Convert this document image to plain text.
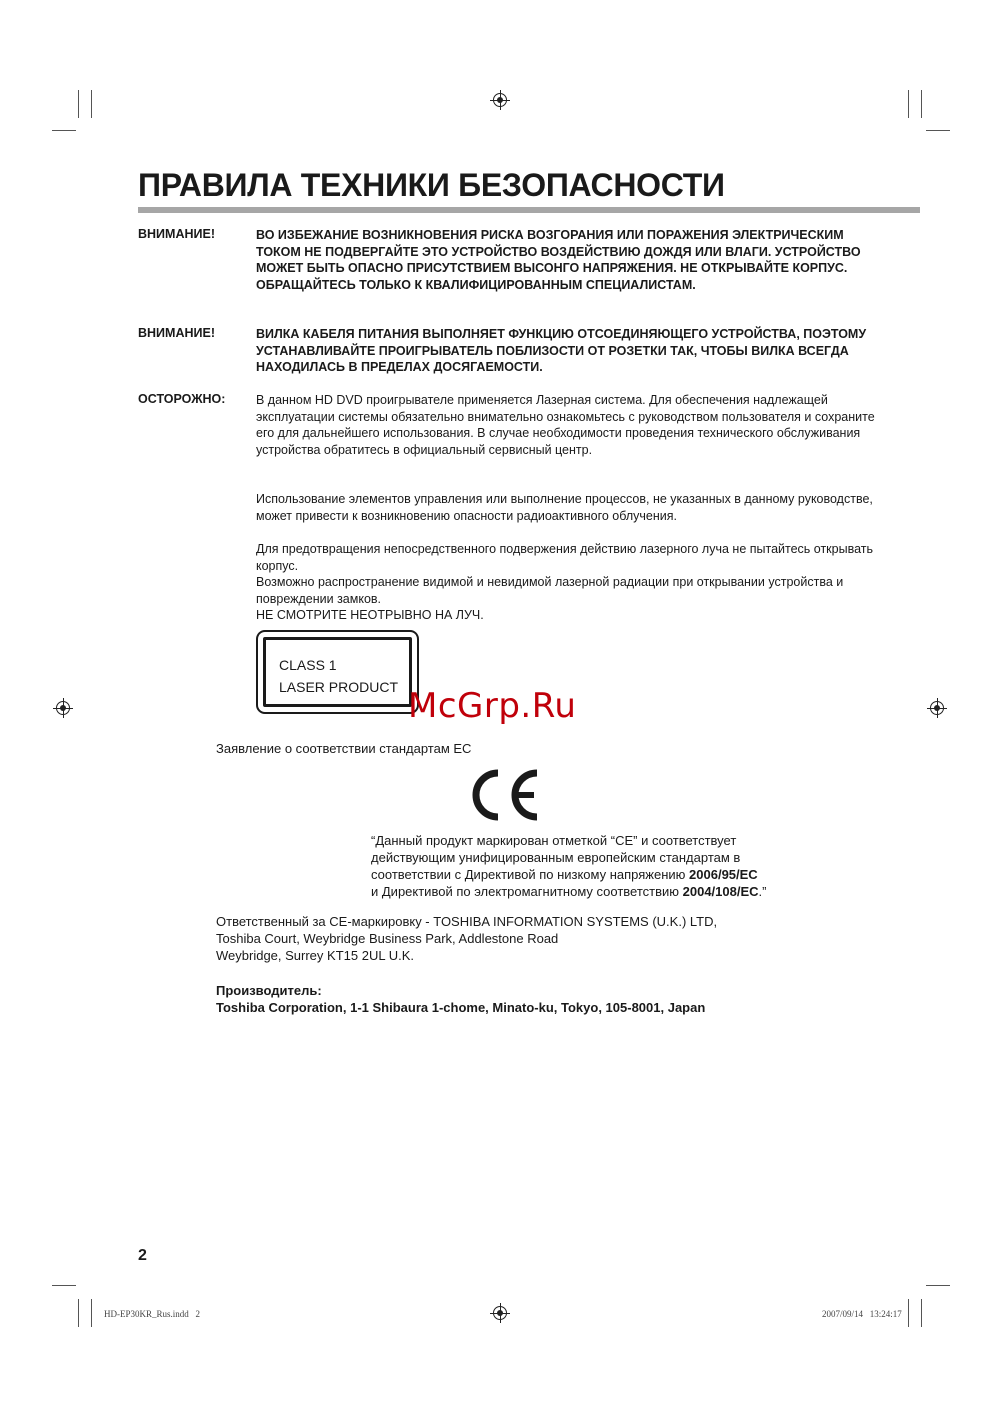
ПРАВИЛА ТЕХНИКИ БЕЗОПАСНОСТИ
ВНИМАНИЕ!	ВО ИЗБЕЖАНИЕ ВОЗНИКНОВЕНИЯ РИСКА ВОЗГОРАНИЯ ИЛИ ПОРАЖЕНИЯ ЭЛЕКТРИЧЕСКИМ ТОКОМ НЕ ПОДВЕРГАЙТЕ ЭТО УСТРОЙСТВО ВОЗДЕЙСТВИЮ ДОЖДЯ ИЛИ ВЛАГИ. УСТРОЙСТВО МОЖЕТ БЫТЬ ОПАСНО ПРИСУТСТВИЕМ ВЫСОНГО НАПРЯЖЕНИЯ. НЕ ОТКРЫВАЙТЕ КОРПУС. ОБРАЩАЙТЕСЬ ТОЛЬКО К КВАЛИФИЦИРОВАННЫМ СПЕЦИАЛИСТАМ.
ВНИМАНИЕ!	ВИЛКА КАБЕЛЯ ПИТАНИЯ ВЫПОЛНЯЕТ ФУНКЦИЮ ОТСОЕДИНЯЮЩЕГО УСТРОЙСТВА, ПОЭТОМУ УСТАНАВЛИВАЙТЕ ПРОИГРЫВАТЕЛЬ ПОБЛИЗОСТИ ОТ РОЗЕТКИ ТАК, ЧТОБЫ ВИЛКА ВСЕГДА НАХОДИЛАСЬ В ПРЕДЕЛАХ ДОСЯГАЕМОСТИ.
ОСТОРОЖНО: В данном HD DVD проигрывателе применяется Лазерная система. Для обеспечения надлежащей эксплуатации системы обязательно внимательно ознакомьтесь с руководством пользователя и сохраните его для дальнейшего использования. В случае необходимости проведения технического обслуживания устройства обратитесь в официальный сервисный центр.

Использование элементов управления или выполнение процессов, не указанных в данному руководстве, может привести к возникновению опасности радиоактивного облучения.

Для предотвращения непосредственного подвержения действию лазерного луча не пытайтесь открывать корпус.

Возможно распространение видимой и невидимой лазерной радиации при открывании устройства и повреждении замков.

НЕ СМОТРИТЕ НЕОТРЫВНО НА ЛУЧ.

CLASS 1
LASER PRODUCT McGrp.Ru
Заявление о соответствии стандартам ЕС
“Данный продукт маркирован отметкой “CE” и соответствует
действующим унифицированным европейским стандартам в
соответствии с Директивой по низкому напряжению 2006/95/EC
и Директивой по электромагнитному соответствию 2004/108/EC.”
Ответственный за CE-маркировку - TOSHIBA INFORMATION SYSTEMS (U.K.) LTD,
Toshiba Court, Weybridge Business Park, Addlestone Road
Weybridge, Surrey KT15 2UL U.K.
Производитель:
Toshiba Corporation, 1-1 Shibaura 1-chome, Minato-ku, Tokyo, 105-8001, Japan
2
HD-EP30KR_Rus.indd   2	2007/09/14   13:24:17
